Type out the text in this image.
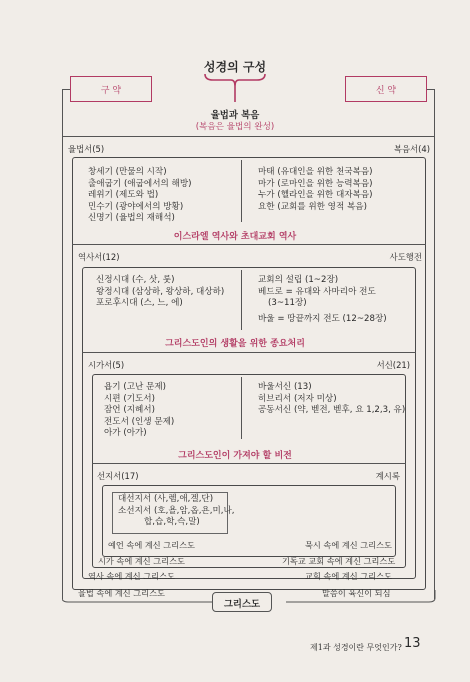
성경의 구성
구 약	신 약
율법과 복음
(복음은 율법의 완성)
율법서(5)	복음서(4)
창세기 (만물의 시작)
출애굽기 (애굽에서의 해방)
레위기 (제도와 법)
민수기 (광야에서의 방황)
신명기 (율법의 재해석)
마태 (유대인을 위한 천국복음)
마가 (로마인을 위한 능력복음)
누가 (헬라인을 위한 대자복음)
요한 (교회를 위한 영적 복음)
이스라엘 역사와 초대교회 역사
역사서(12)	사도행전
신정시대 (수, 삿, 룻)
왕정시대 (삼상하, 왕상하, 대상하)
포로후시대 (스, 느, 에)
교회의 설립 (1~2장)
베드로 = 유대와 사마리아 전도
(3~11장)
바울 = 땅끝까지 전도 (12~28장)
그리스도인의 생활을 위한 종요처리
시가서(5)	서신(21)
욥기 (고난 문제)
시편 (기도서)
잠언 (지혜서)
전도서 (인생 문제)
아가 (아가)
바울서신 (13)
히브리서 (저자 미상)
공동서신 (약, 벧전, 벧후, 요 1,2,3, 유)
그리스도인이 가져야 할 비전
선지서(17)	계시록
대선지서 (사,렘,애,겔,단)
소선지서 (호,욜,암,옵,욘,미,나,
합,습,학,슥,말)
예언 속에 계신 그리스도	묵시 속에 계신 그리스도
시가 속에 계신 그리스도	기독교 교회 속에 계신 그리스도
역사 속에 계신 그리스도	교회 속에 계신 그리스도
율법 속에 계신 그리스도	말씀이 육신이 되심
그리스도
제1과 성경이란 무엇인가? 13
